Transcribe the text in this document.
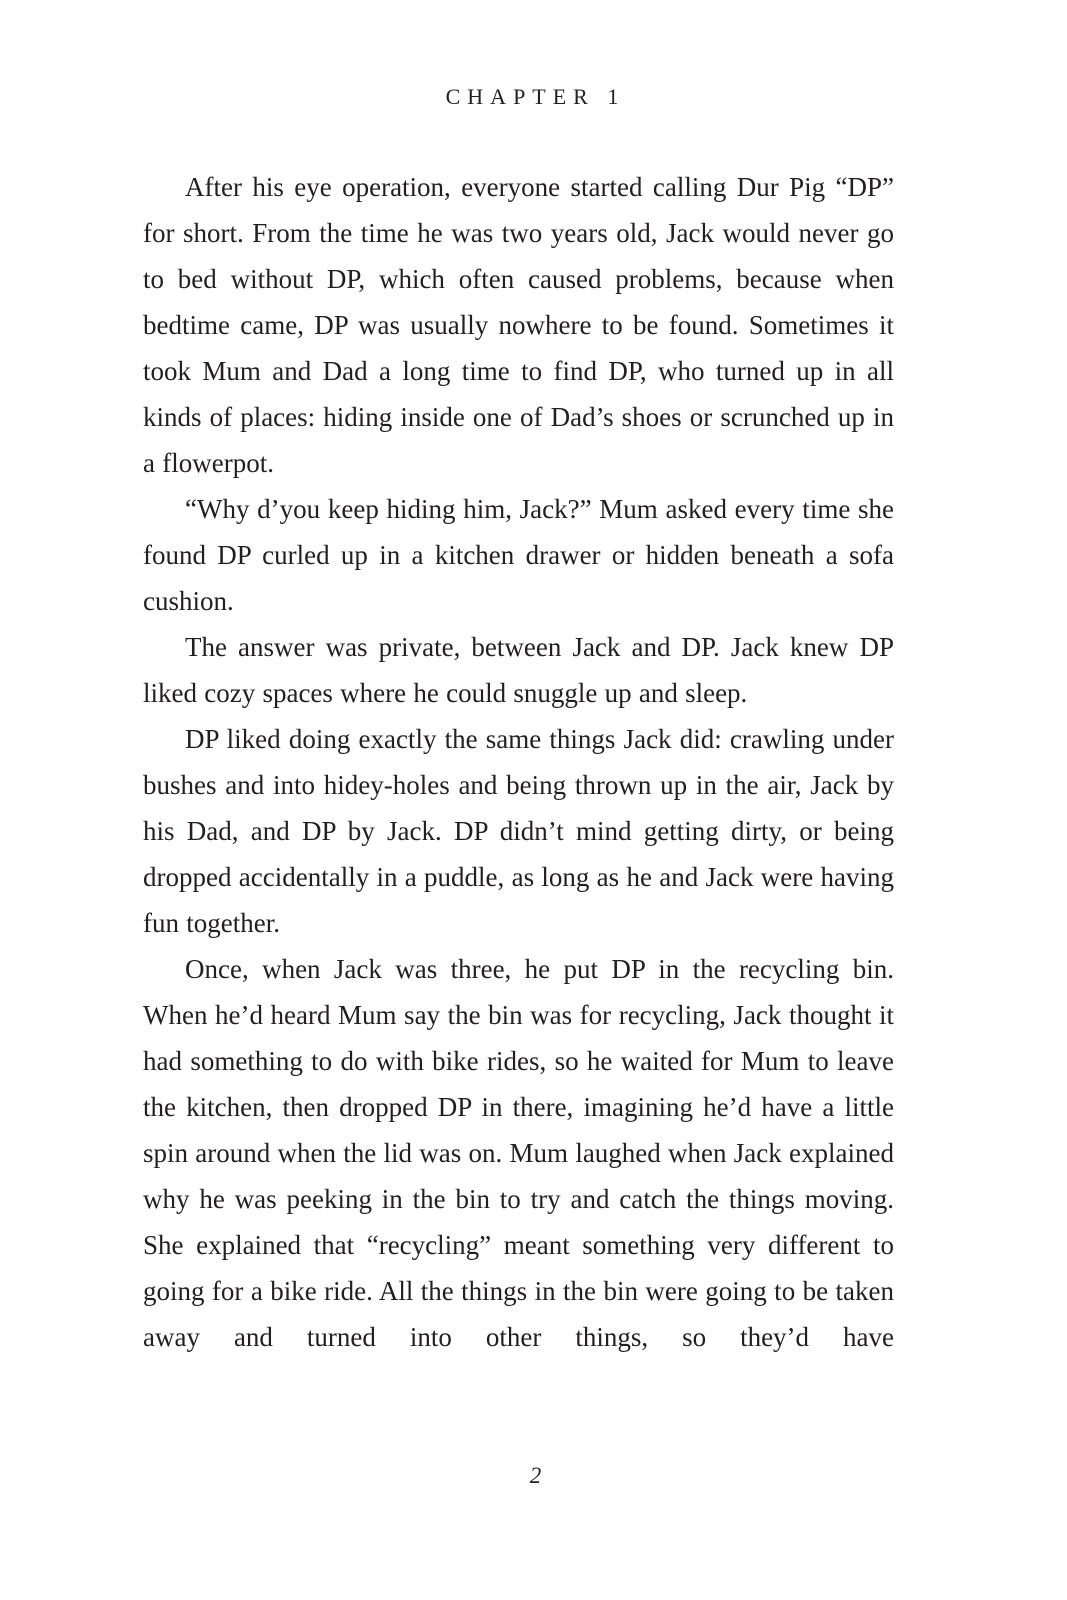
CHAPTER 1

After his eye operation, everyone started calling Dur Pig “DP” for short. From the time he was two years old, Jack would never go to bed without DP, which often caused problems, because when bedtime came, DP was usually nowhere to be found. Sometimes it took Mum and Dad a long time to find DP, who turned up in all kinds of places: hiding inside one of Dad’s shoes or scrunched up in a flowerpot.

“Why d’you keep hiding him, Jack?” Mum asked every time she found DP curled up in a kitchen drawer or hidden beneath a sofa cushion.

The answer was private, between Jack and DP. Jack knew DP liked cozy spaces where he could snuggle up and sleep.

DP liked doing exactly the same things Jack did: crawling under bushes and into hidey-holes and being thrown up in the air, Jack by his Dad, and DP by Jack. DP didn’t mind getting dirty, or being dropped accidentally in a puddle, as long as he and Jack were having fun together.

Once, when Jack was three, he put DP in the recycling bin. When he’d heard Mum say the bin was for recycling, Jack thought it had something to do with bike rides, so he waited for Mum to leave the kitchen, then dropped DP in there, imagining he’d have a little spin around when the lid was on. Mum laughed when Jack explained why he was peeking in the bin to try and catch the things moving. She explained that “recycling” meant something very different to going for a bike ride. All the things in the bin were going to be taken away and turned into other things, so they’d have

2
